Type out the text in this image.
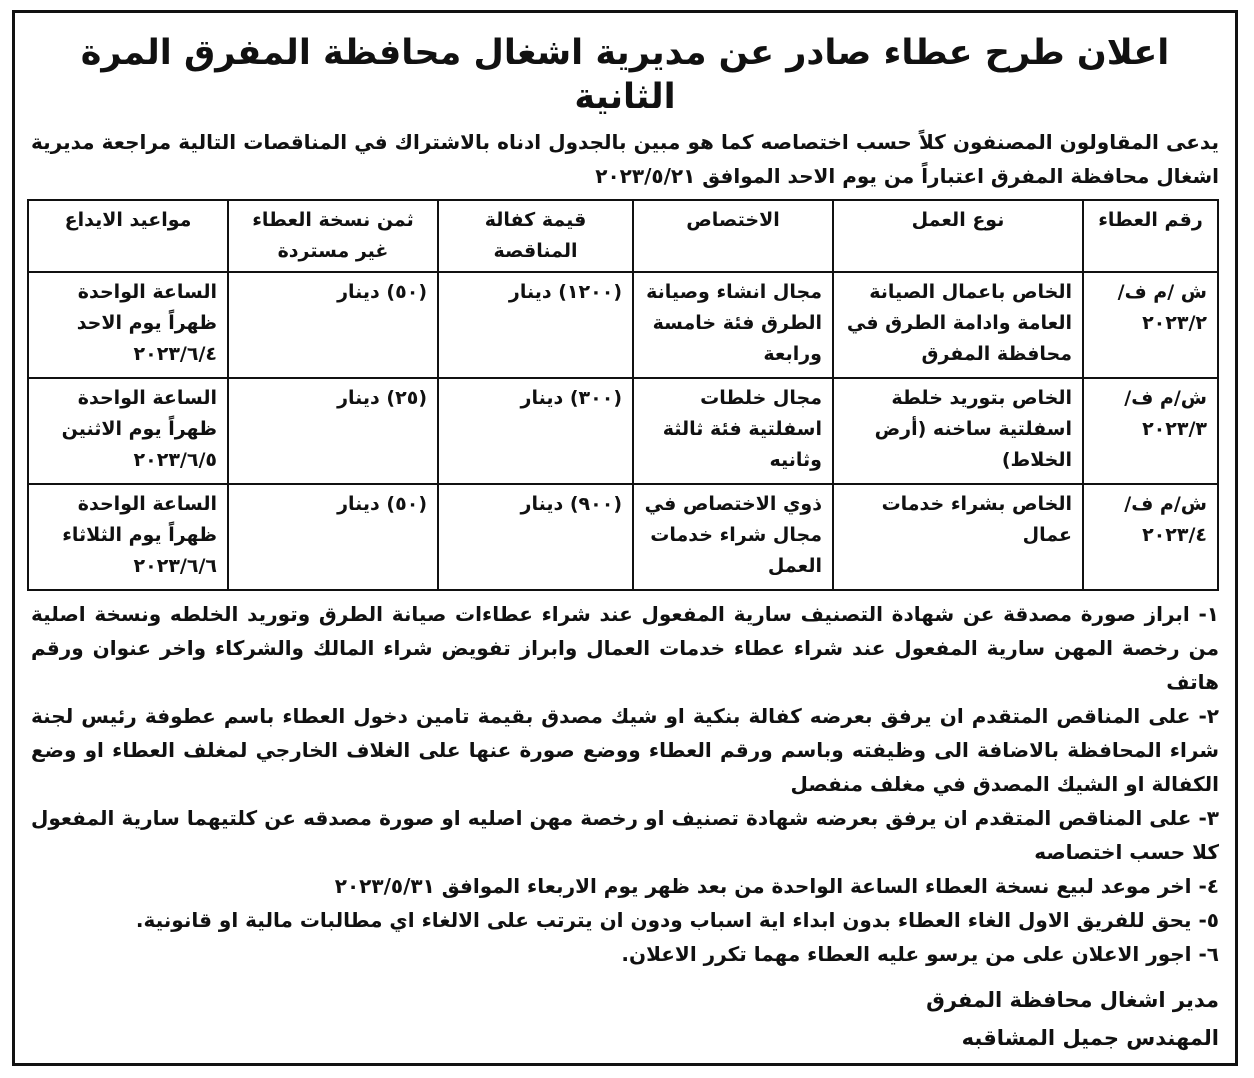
اعلان طرح عطاء صادر عن مديرية اشغال محافظة المفرق المرة الثانية

يدعى المقاولون المصنفون كلاً حسب اختصاصه كما هو مبين بالجدول ادناه بالاشتراك في المناقصات التالية مراجعة مديرية اشغال محافظة المفرق اعتباراً من يوم الاحد الموافق ٢٠٢٣/٥/٢١

رقم العطاء	نوع العمل	الاختصاص	قيمة كفالة المناقصة	ثمن نسخة العطاء غير مستردة	مواعيد الايداع
ش /م ف/٢٠٢٣/٢	الخاص باعمال الصيانة العامة وادامة الطرق في محافظة المفرق	مجال انشاء وصيانة الطرق فئة خامسة ورابعة	(١٢٠٠) دينار	(٥٠) دينار	الساعة الواحدة ظهراً يوم الاحد ٢٠٢٣/٦/٤
ش/م ف/٢٠٢٣/٣	الخاص بتوريد خلطة اسفلتية ساخنه (أرض الخلاط)	مجال خلطات اسفلتية فئة ثالثة وثانيه	(٣٠٠) دينار	(٢٥) دينار	الساعة الواحدة ظهراً يوم الاثنين ٢٠٢٣/٦/٥
ش/م ف/٢٠٢٣/٤	الخاص بشراء خدمات عمال	ذوي الاختصاص في مجال شراء خدمات العمل	(٩٠٠) دينار	(٥٠) دينار	الساعة الواحدة ظهراً يوم الثلاثاء ٢٠٢٣/٦/٦

١- ابراز صورة مصدقة عن شهادة التصنيف سارية المفعول عند شراء عطاءات صيانة الطرق وتوريد الخلطه ونسخة اصلية من رخصة المهن سارية المفعول عند شراء عطاء خدمات العمال وابراز تفويض شراء المالك والشركاء واخر عنوان ورقم هاتف

٢- على المناقص المتقدم ان يرفق بعرضه كفالة بنكية او شيك مصدق بقيمة تامين دخول العطاء باسم عطوفة رئيس لجنة شراء المحافظة بالاضافة الى وظيفته وباسم ورقم العطاء ووضع صورة عنها على الغلاف الخارجي لمغلف العطاء او وضع الكفالة او الشيك المصدق في مغلف منفصل

٣- على المناقص المتقدم ان يرفق بعرضه شهادة تصنيف او رخصة مهن اصليه او صورة مصدقه عن كلتيهما سارية المفعول كلا حسب اختصاصه

٤- اخر موعد لبيع نسخة العطاء الساعة الواحدة من بعد ظهر يوم الاربعاء الموافق ٢٠٢٣/٥/٣١

٥- يحق للفريق الاول الغاء العطاء بدون ابداء اية اسباب ودون ان يترتب على الالغاء اي مطالبات مالية او قانونية.

٦- اجور الاعلان على من يرسو عليه العطاء مهما تكرر الاعلان.

مدير اشغال محافظة المفرق
المهندس جميل المشاقبه
